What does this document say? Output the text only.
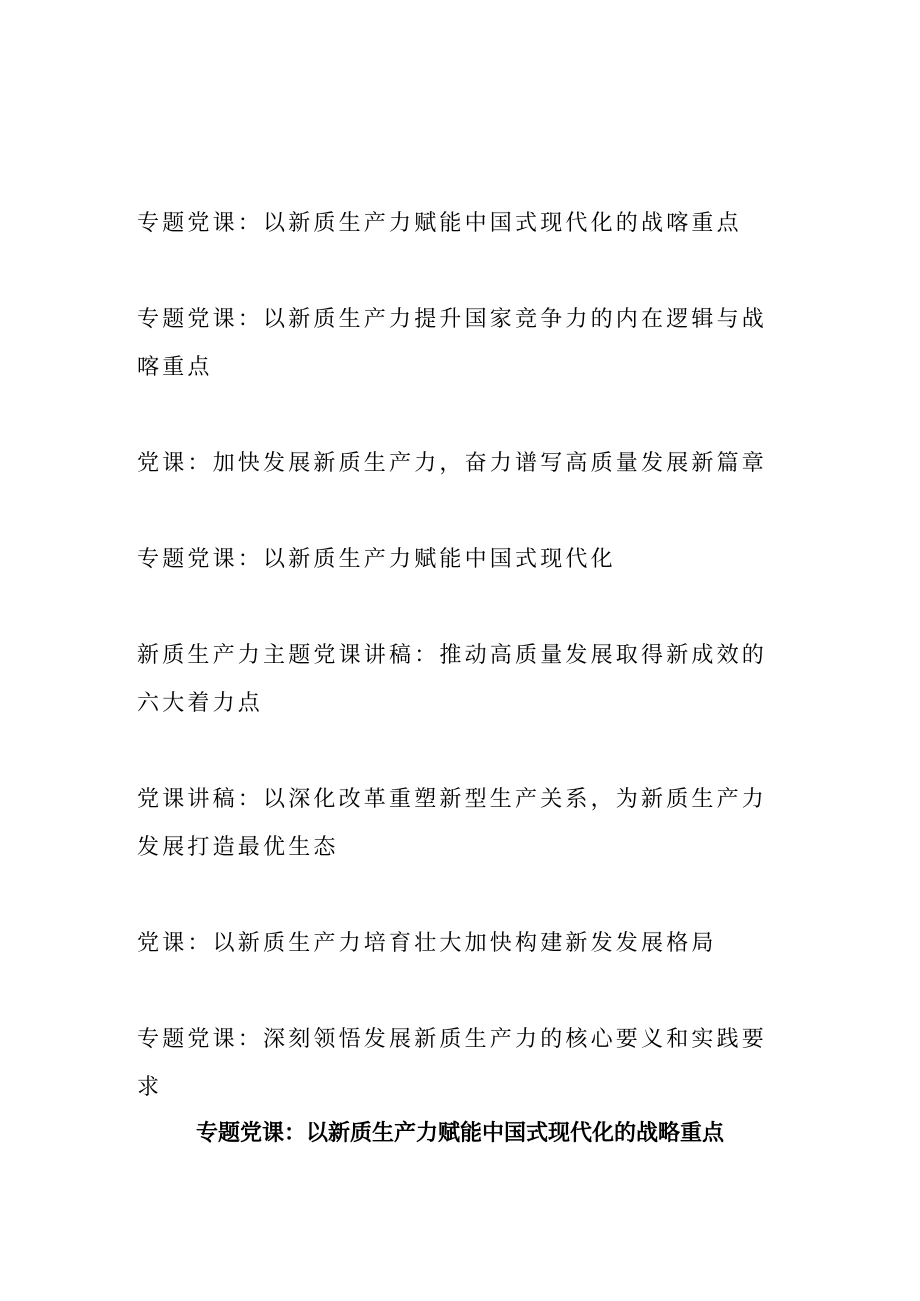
专题党课：以新质生产力赋能中国式现代化的战喀重点
专题党课：以新质生产力提升国家竞争力的内在逻辑与战喀重点
党课：加快发展新质生产力，奋力谱写高质量发展新篇章
专题党课：以新质生产力赋能中国式现代化
新质生产力主题党课讲稿：推动高质量发展取得新成效的六大着力点
党课讲稿：以深化改革重塑新型生产关系，为新质生产力发展打造最优生态
党课：以新质生产力培育壮大加快构建新发发展格局
专题党课：深刻领悟发展新质生产力的核心要义和实践要求
专题党课：以新质生产力赋能中国式现代化的战略重点
